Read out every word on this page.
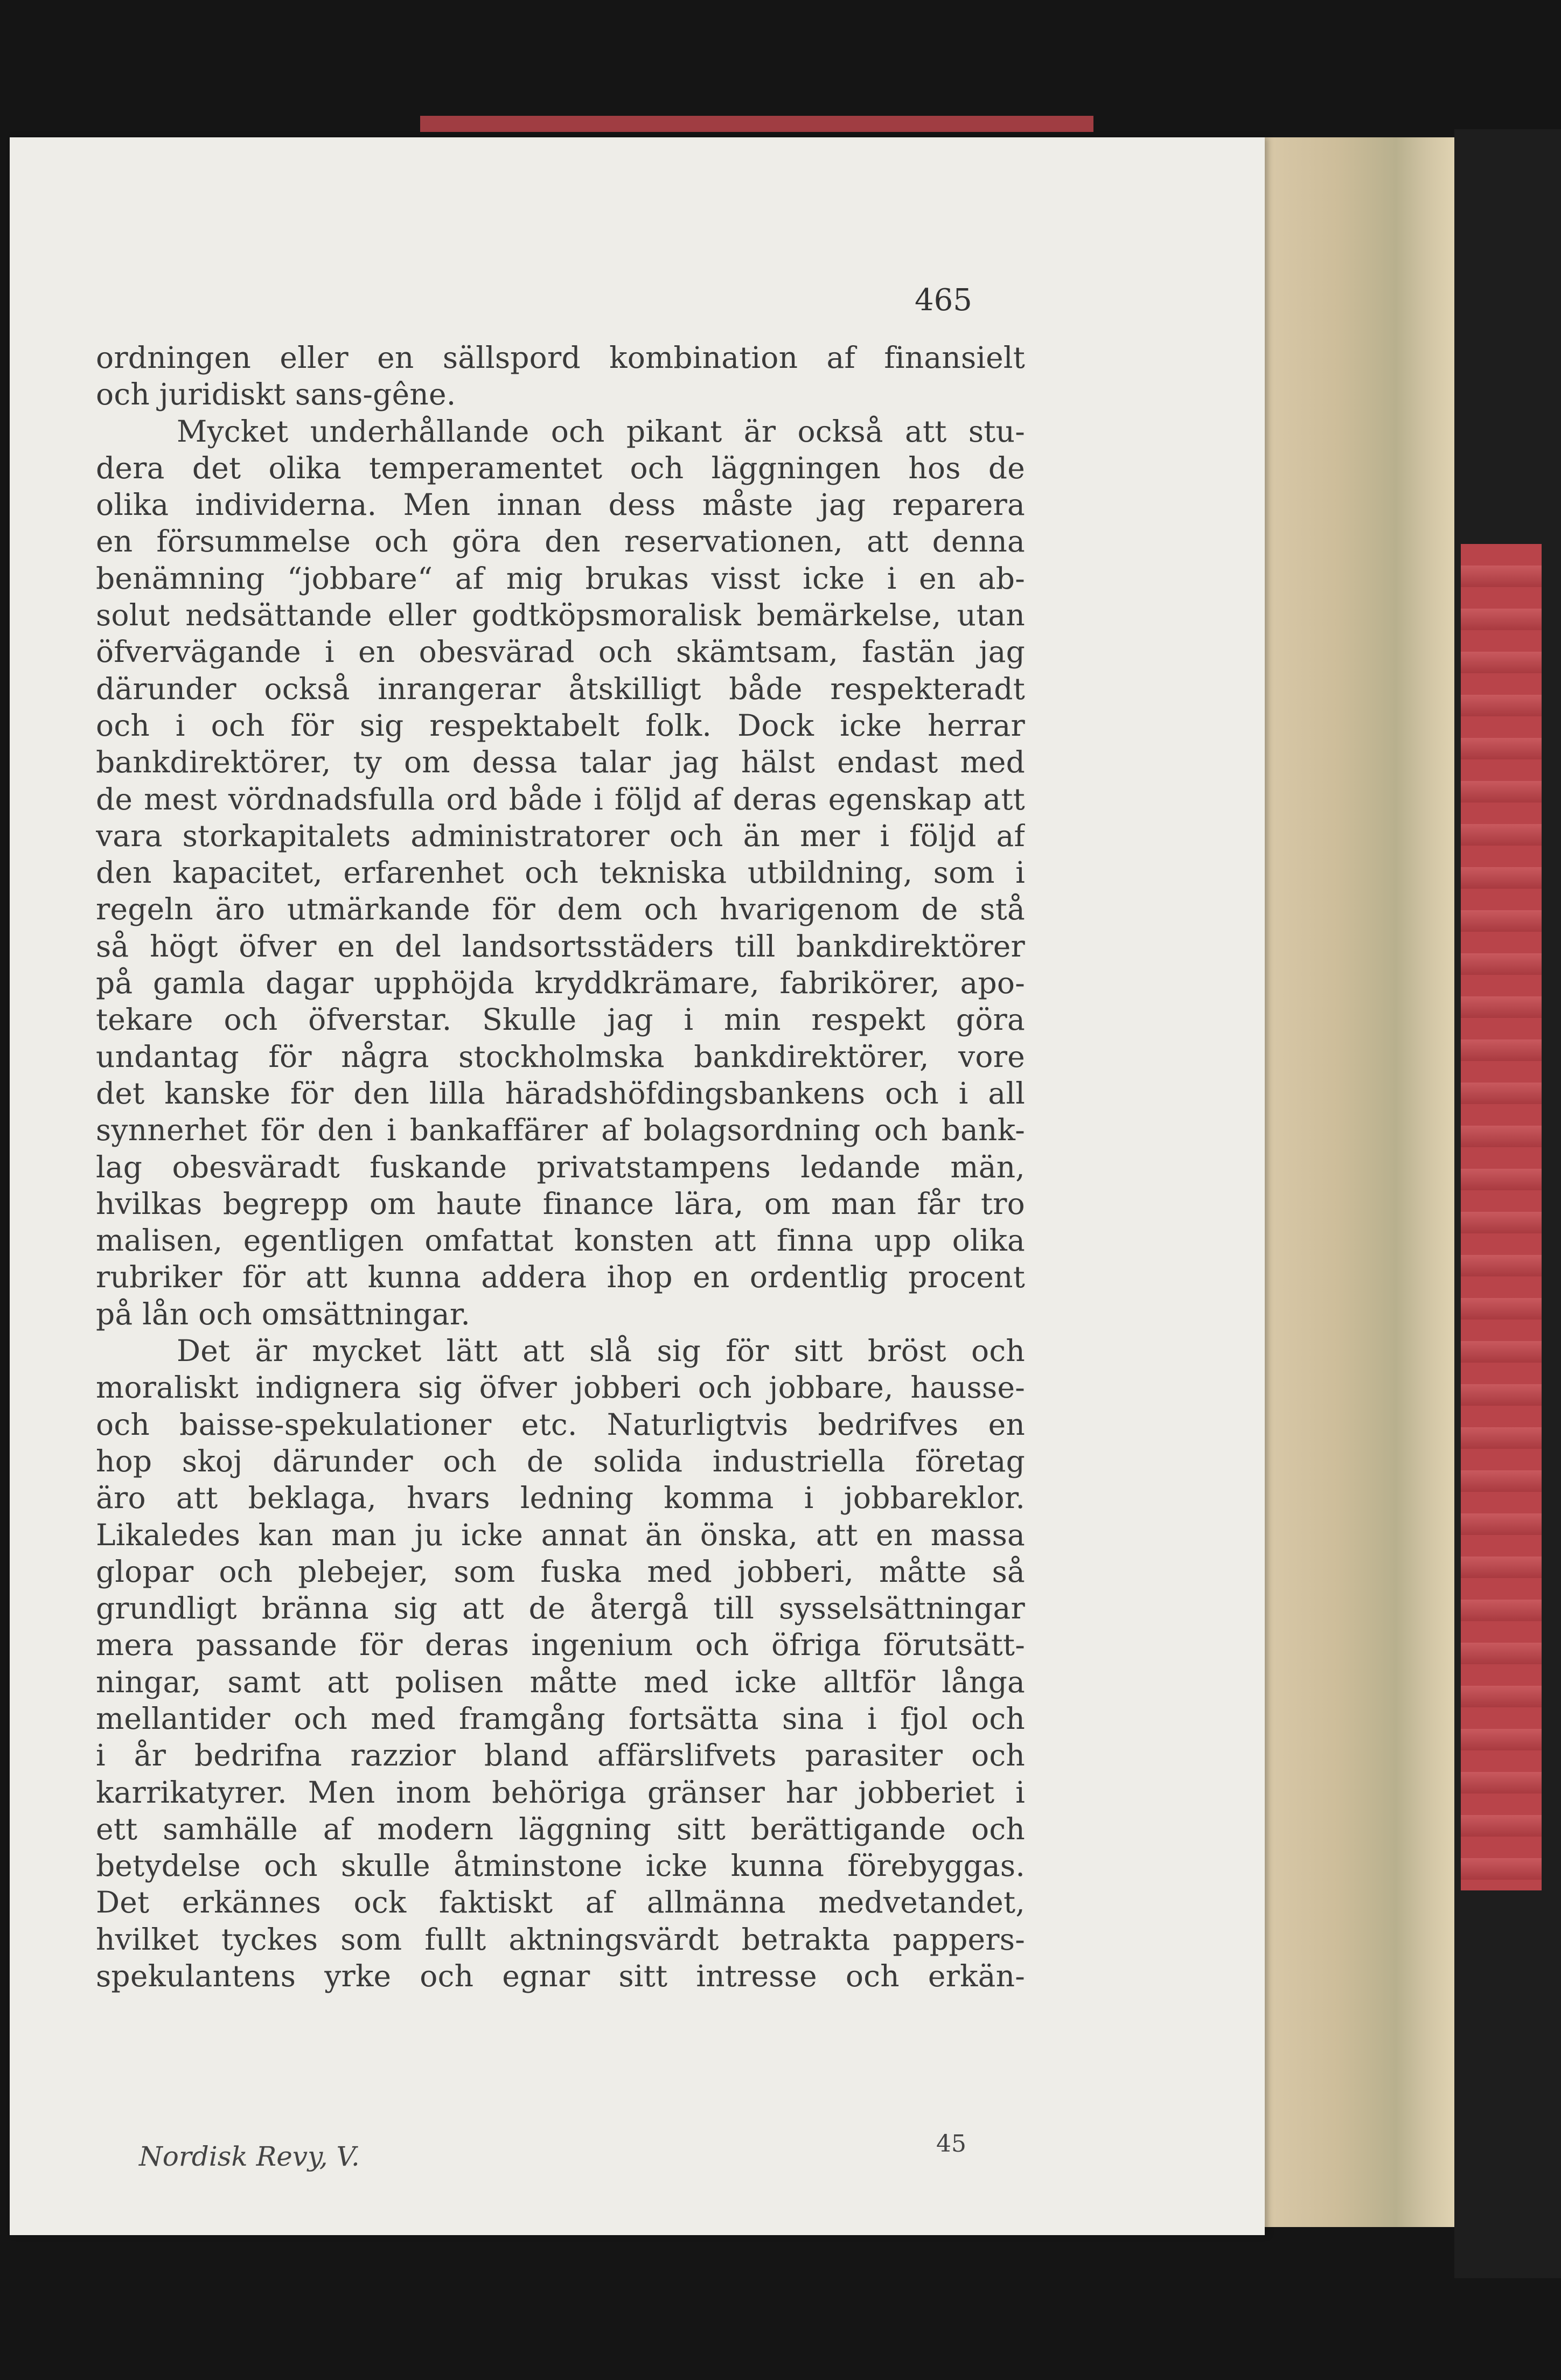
465
ordningen eller en sällspord kombination af finansielt
och juridiskt sans-gêne.
Mycket underhållande och pikant är också att stu-
dera det olika temperamentet och läggningen hos de
olika individerna. Men innan dess måste jag reparera
en försummelse och göra den reservationen, att denna
benämning “jobbare“ af mig brukas visst icke i en ab-
solut nedsättande eller godtköpsmoralisk bemärkelse, utan
öfvervägande i en obesvärad och skämtsam, fastän jag
därunder också inrangerar åtskilligt både respekteradt
och i och för sig respektabelt folk. Dock icke herrar
bankdirektörer, ty om dessa talar jag hälst endast med
de mest vördnadsfulla ord både i följd af deras egenskap att
vara storkapitalets administratorer och än mer i följd af
den kapacitet, erfarenhet och tekniska utbildning, som i
regeln äro utmärkande för dem och hvarigenom de stå
så högt öfver en del landsortsstäders till bankdirektörer
på gamla dagar upphöjda kryddkrämare, fabrikörer, apo-
tekare och öfverstar. Skulle jag i min respekt göra
undantag för några stockholmska bankdirektörer, vore
det kanske för den lilla häradshöfdingsbankens och i all
synnerhet för den i bankaffärer af bolagsordning och bank-
lag obesväradt fuskande privatstampens ledande män,
hvilkas begrepp om haute finance lära, om man får tro
malisen, egentligen omfattat konsten att finna upp olika
rubriker för att kunna addera ihop en ordentlig procent
på lån och omsättningar.
Det är mycket lätt att slå sig för sitt bröst och
moraliskt indignera sig öfver jobberi och jobbare, hausse-
och baisse-spekulationer etc. Naturligtvis bedrifves en
hop skoj därunder och de solida industriella företag
äro att beklaga, hvars ledning komma i jobbareklor.
Likaledes kan man ju icke annat än önska, att en massa
glopar och plebejer, som fuska med jobberi, måtte så
grundligt bränna sig att de återgå till sysselsättningar
mera passande för deras ingenium och öfriga förutsätt-
ningar, samt att polisen måtte med icke alltför långa
mellantider och med framgång fortsätta sina i fjol och
i år bedrifna razzior bland affärslifvets parasiter och
karrikatyrer. Men inom behöriga gränser har jobberiet i
ett samhälle af modern läggning sitt berättigande och
betydelse och skulle åtminstone icke kunna förebyggas.
Det erkännes ock faktiskt af allmänna medvetandet,
hvilket tyckes som fullt aktningsvärdt betrakta pappers-
spekulantens yrke och egnar sitt intresse och erkän-
Nordisk Revy, V.	45
